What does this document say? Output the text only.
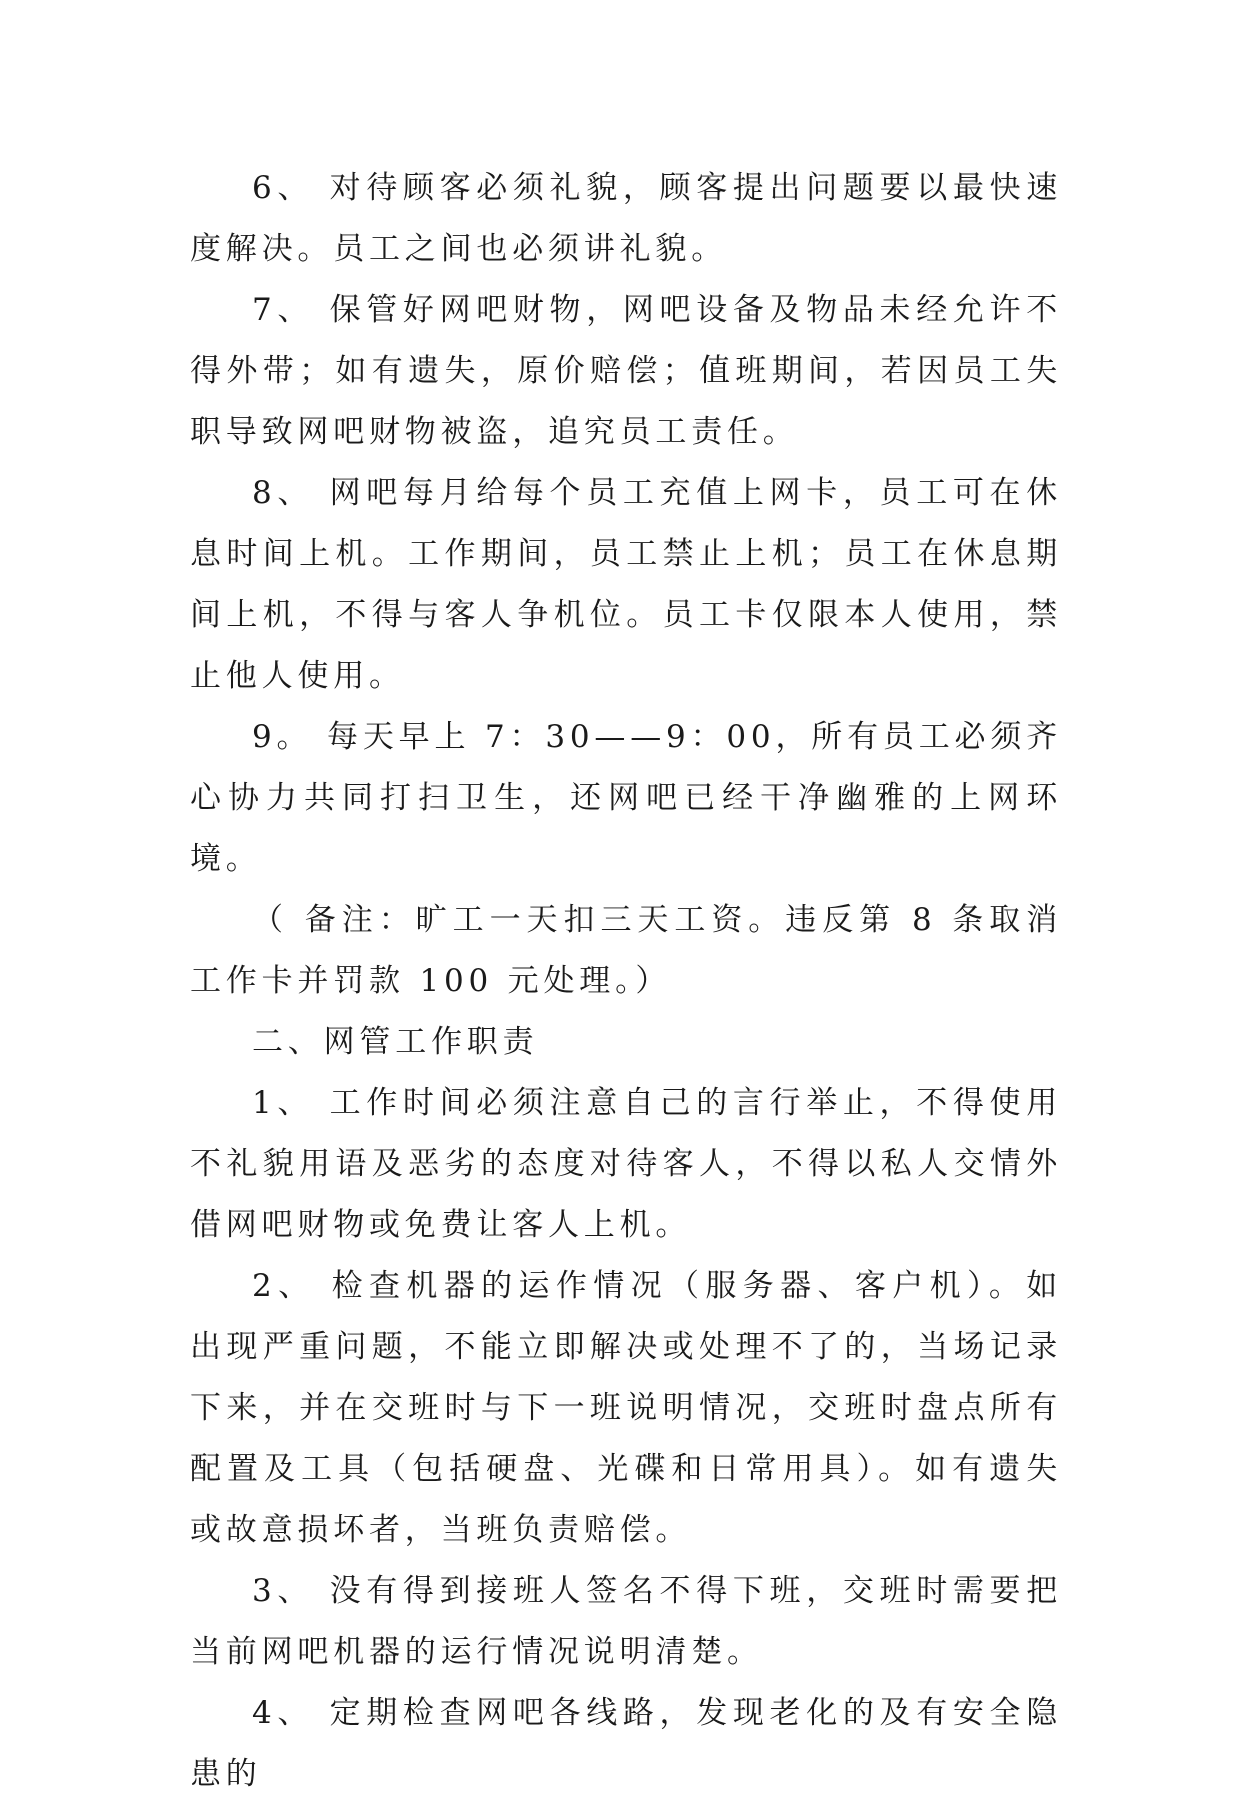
6、 对待顾客必须礼貌，顾客提出问题要以最快速度解决。员工之间也必须讲礼貌。

7、 保管好网吧财物，网吧设备及物品未经允许不得外带；如有遗失，原价赔偿；值班期间，若因员工失职导致网吧财物被盗，追究员工责任。

8、 网吧每月给每个员工充值上网卡，员工可在休息时间上机。工作期间，员工禁止上机；员工在休息期间上机，不得与客人争机位。员工卡仅限本人使用，禁止他人使用。

9。 每天早上 7：30——9：00，所有员工必须齐心协力共同打扫卫生，还网吧已经干净幽雅的上网环境。

（ 备注：旷工一天扣三天工资。违反第 8 条取消工作卡并罚款 100 元处理。）

二、网管工作职责

1、 工作时间必须注意自己的言行举止，不得使用不礼貌用语及恶劣的态度对待客人，不得以私人交情外借网吧财物或免费让客人上机。

2、 检查机器的运作情况（服务器、客户机）。如出现严重问题，不能立即解决或处理不了的，当场记录下来，并在交班时与下一班说明情况，交班时盘点所有配置及工具（包括硬盘、光碟和日常用具）。如有遗失或故意损坏者，当班负责赔偿。

3、 没有得到接班人签名不得下班，交班时需要把当前网吧机器的运行情况说明清楚。

4、 定期检查网吧各线路，发现老化的及有安全隐患的
